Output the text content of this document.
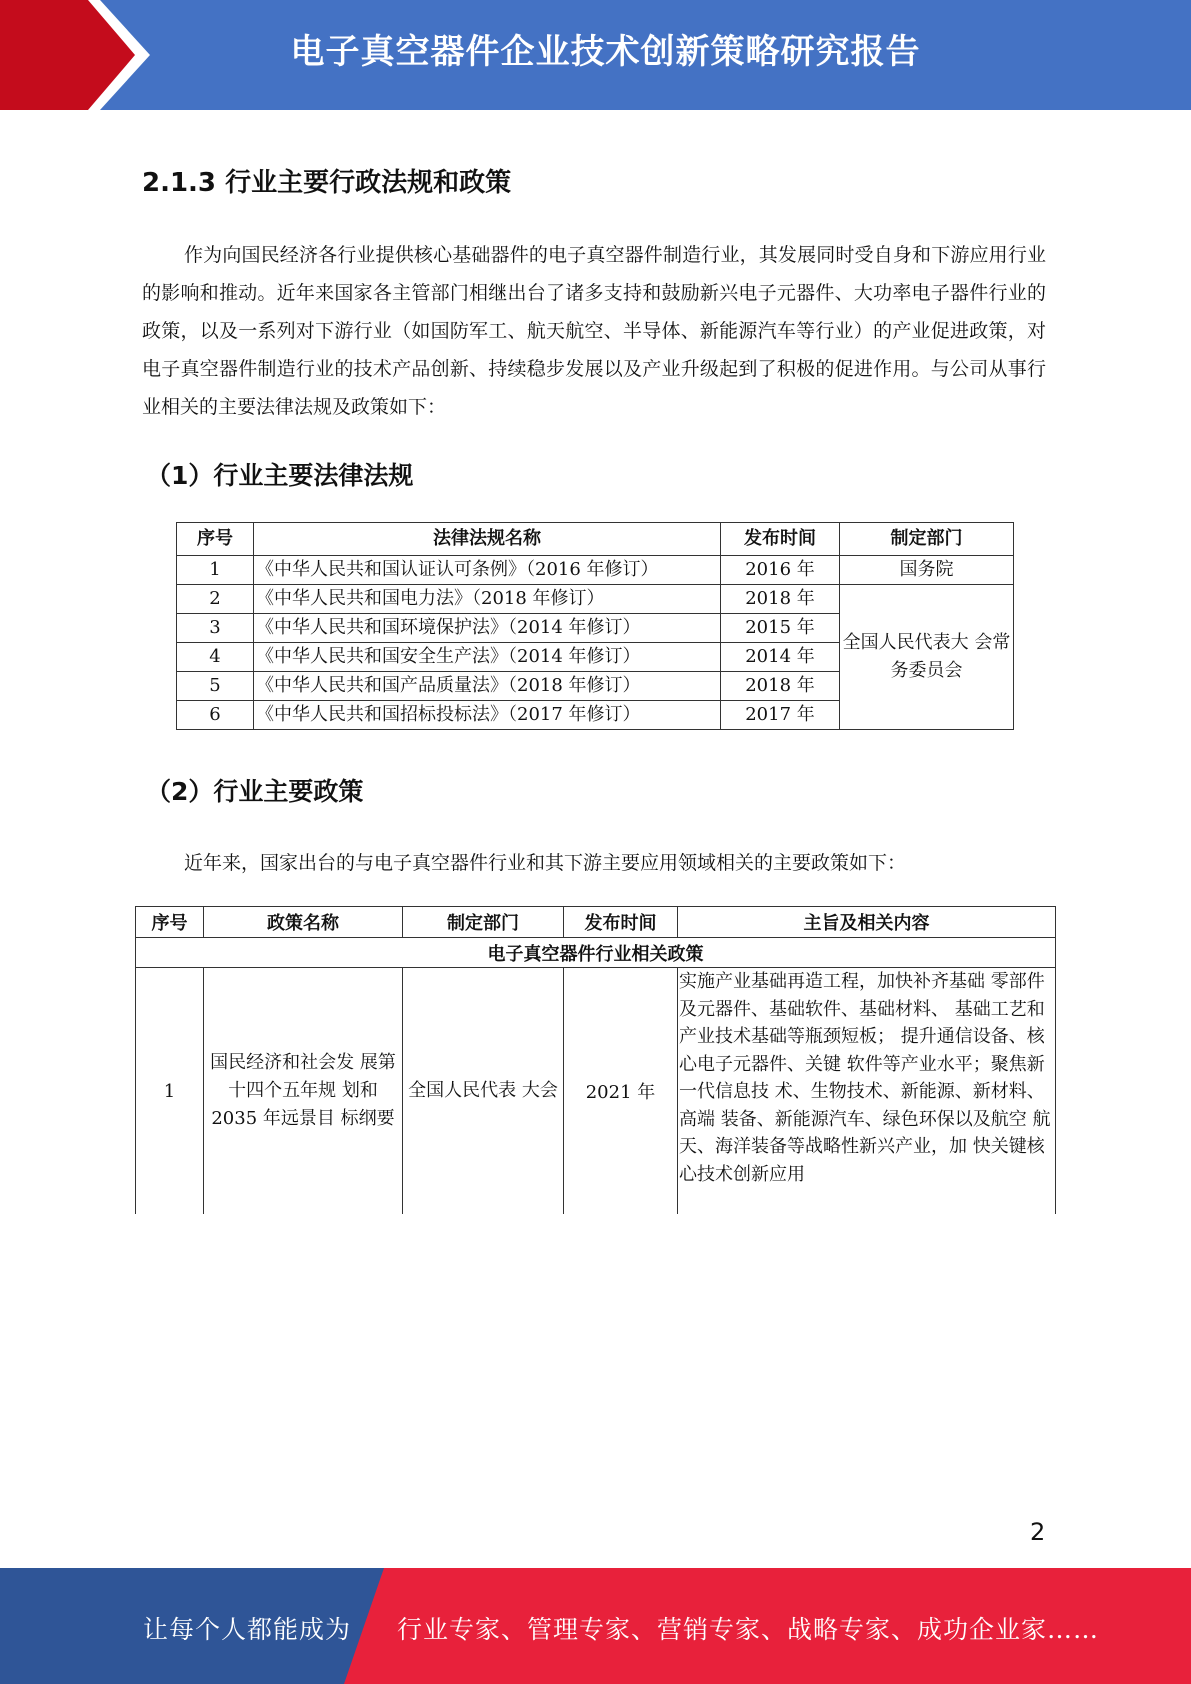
电子真空器件企业技术创新策略研究报告
2.1.3 行业主要行政法规和政策
作为向国民经济各行业提供核心基础器件的电子真空器件制造行业，其发展同时受自身和下游应用行业的影响和推动。近年来国家各主管部门相继出台了诸多支持和鼓励新兴电子元器件、大功率电子器件行业的政策，以及一系列对下游行业（如国防军工、航天航空、半导体、新能源汽车等行业）的产业促进政策，对电子真空器件制造行业的技术产品创新、持续稳步发展以及产业升级起到了积极的促进作用。与公司从事行业相关的主要法律法规及政策如下：
（1）行业主要法律法规
序号	法律法规名称	发布时间	制定部门
1	《中华人民共和国认证认可条例》（2016 年修订）	2016 年	国务院
2	《中华人民共和国电力法》（2018 年修订）	2018 年	全国人民代表大 会常务委员会
3	《中华人民共和国环境保护法》（2014 年修订）	2015 年	
4	《中华人民共和国安全生产法》（2014 年修订）	2014 年	
5	《中华人民共和国产品质量法》（2018 年修订）	2018 年	
6	《中华人民共和国招标投标法》（2017 年修订）	2017 年	
（2）行业主要政策
近年来，国家出台的与电子真空器件行业和其下游主要应用领域相关的主要政策如下：
序号	政策名称	制定部门	发布时间	主旨及相关内容
电子真空器件行业相关政策				
1	国民经济和社会发 展第十四个五年规 划和 2035 年远景目 标纲要	全国人民代表 大会	2021 年	实施产业基础再造工程，加快补齐基础 零部件及元器件、基础软件、基础材料、 基础工艺和产业技术基础等瓶颈短板； 提升通信设备、核心电子元器件、关键 软件等产业水平；聚焦新一代信息技 术、生物技术、新能源、新材料、高端 装备、新能源汽车、绿色环保以及航空 航天、海洋装备等战略性新兴产业，加 快关键核心技术创新应用
2
让每个人都能成为 行业专家、管理专家、营销专家、战略专家、成功企业家……
